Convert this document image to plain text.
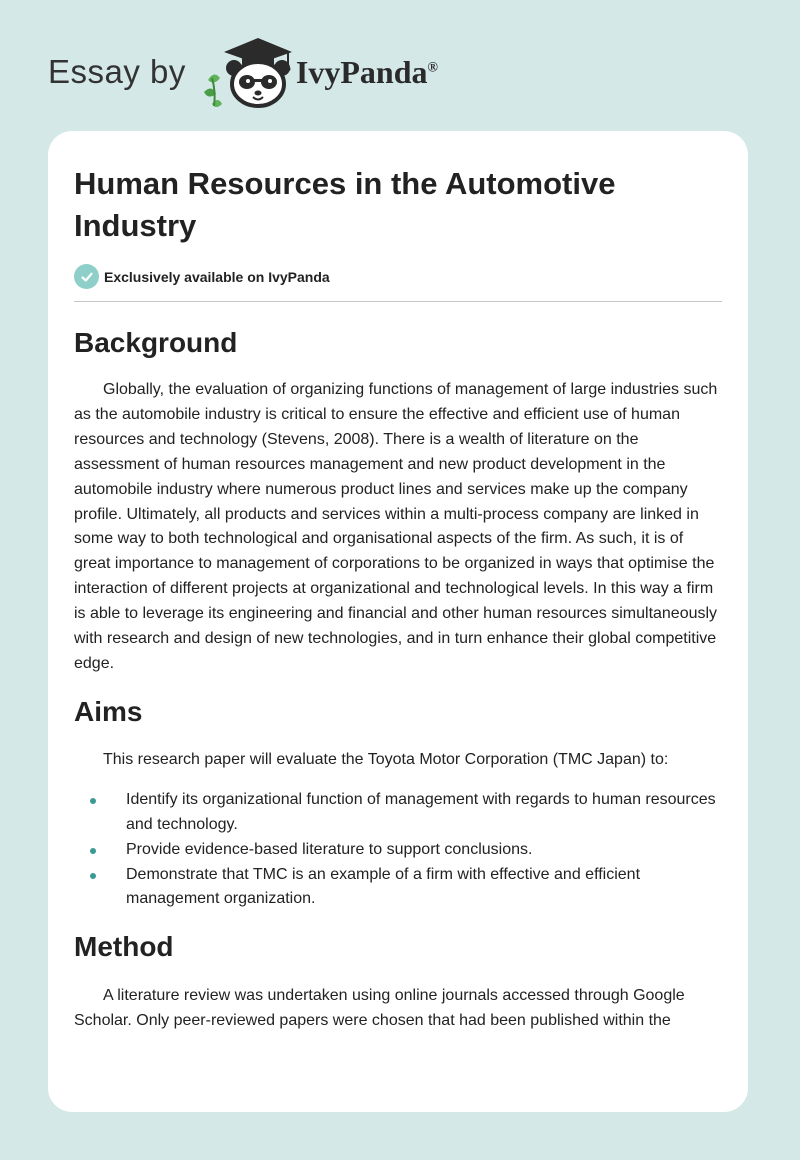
Essay by	IvyPanda®
Human Resources in the Automotive Industry
Exclusively available on IvyPanda
Background

Globally, the evaluation of organizing functions of management of large industries such as the automobile industry is critical to ensure the effective and efficient use of human resources and technology (Stevens, 2008). There is a wealth of literature on the assessment of human resources management and new product development in the automobile industry where numerous product lines and services make up the company profile. Ultimately, all products and services within a multi-process company are linked in some way to both technological and organisational aspects of the firm. As such, it is of great importance to management of corporations to be organized in ways that optimise the interaction of different projects at organizational and technological levels. In this way a firm is able to leverage its engineering and financial and other human resources simultaneously with research and design of new technologies, and in turn enhance their global competitive edge.

Aims

This research paper will evaluate the Toyota Motor Corporation (TMC Japan) to:

Identify its organizational function of management with regards to human resources and technology.
Provide evidence-based literature to support conclusions.
Demonstrate that TMC is an example of a firm with effective and efficient management organization.
Method

A literature review was undertaken using online journals accessed through Google Scholar. Only peer-reviewed papers were chosen that had been published within the
